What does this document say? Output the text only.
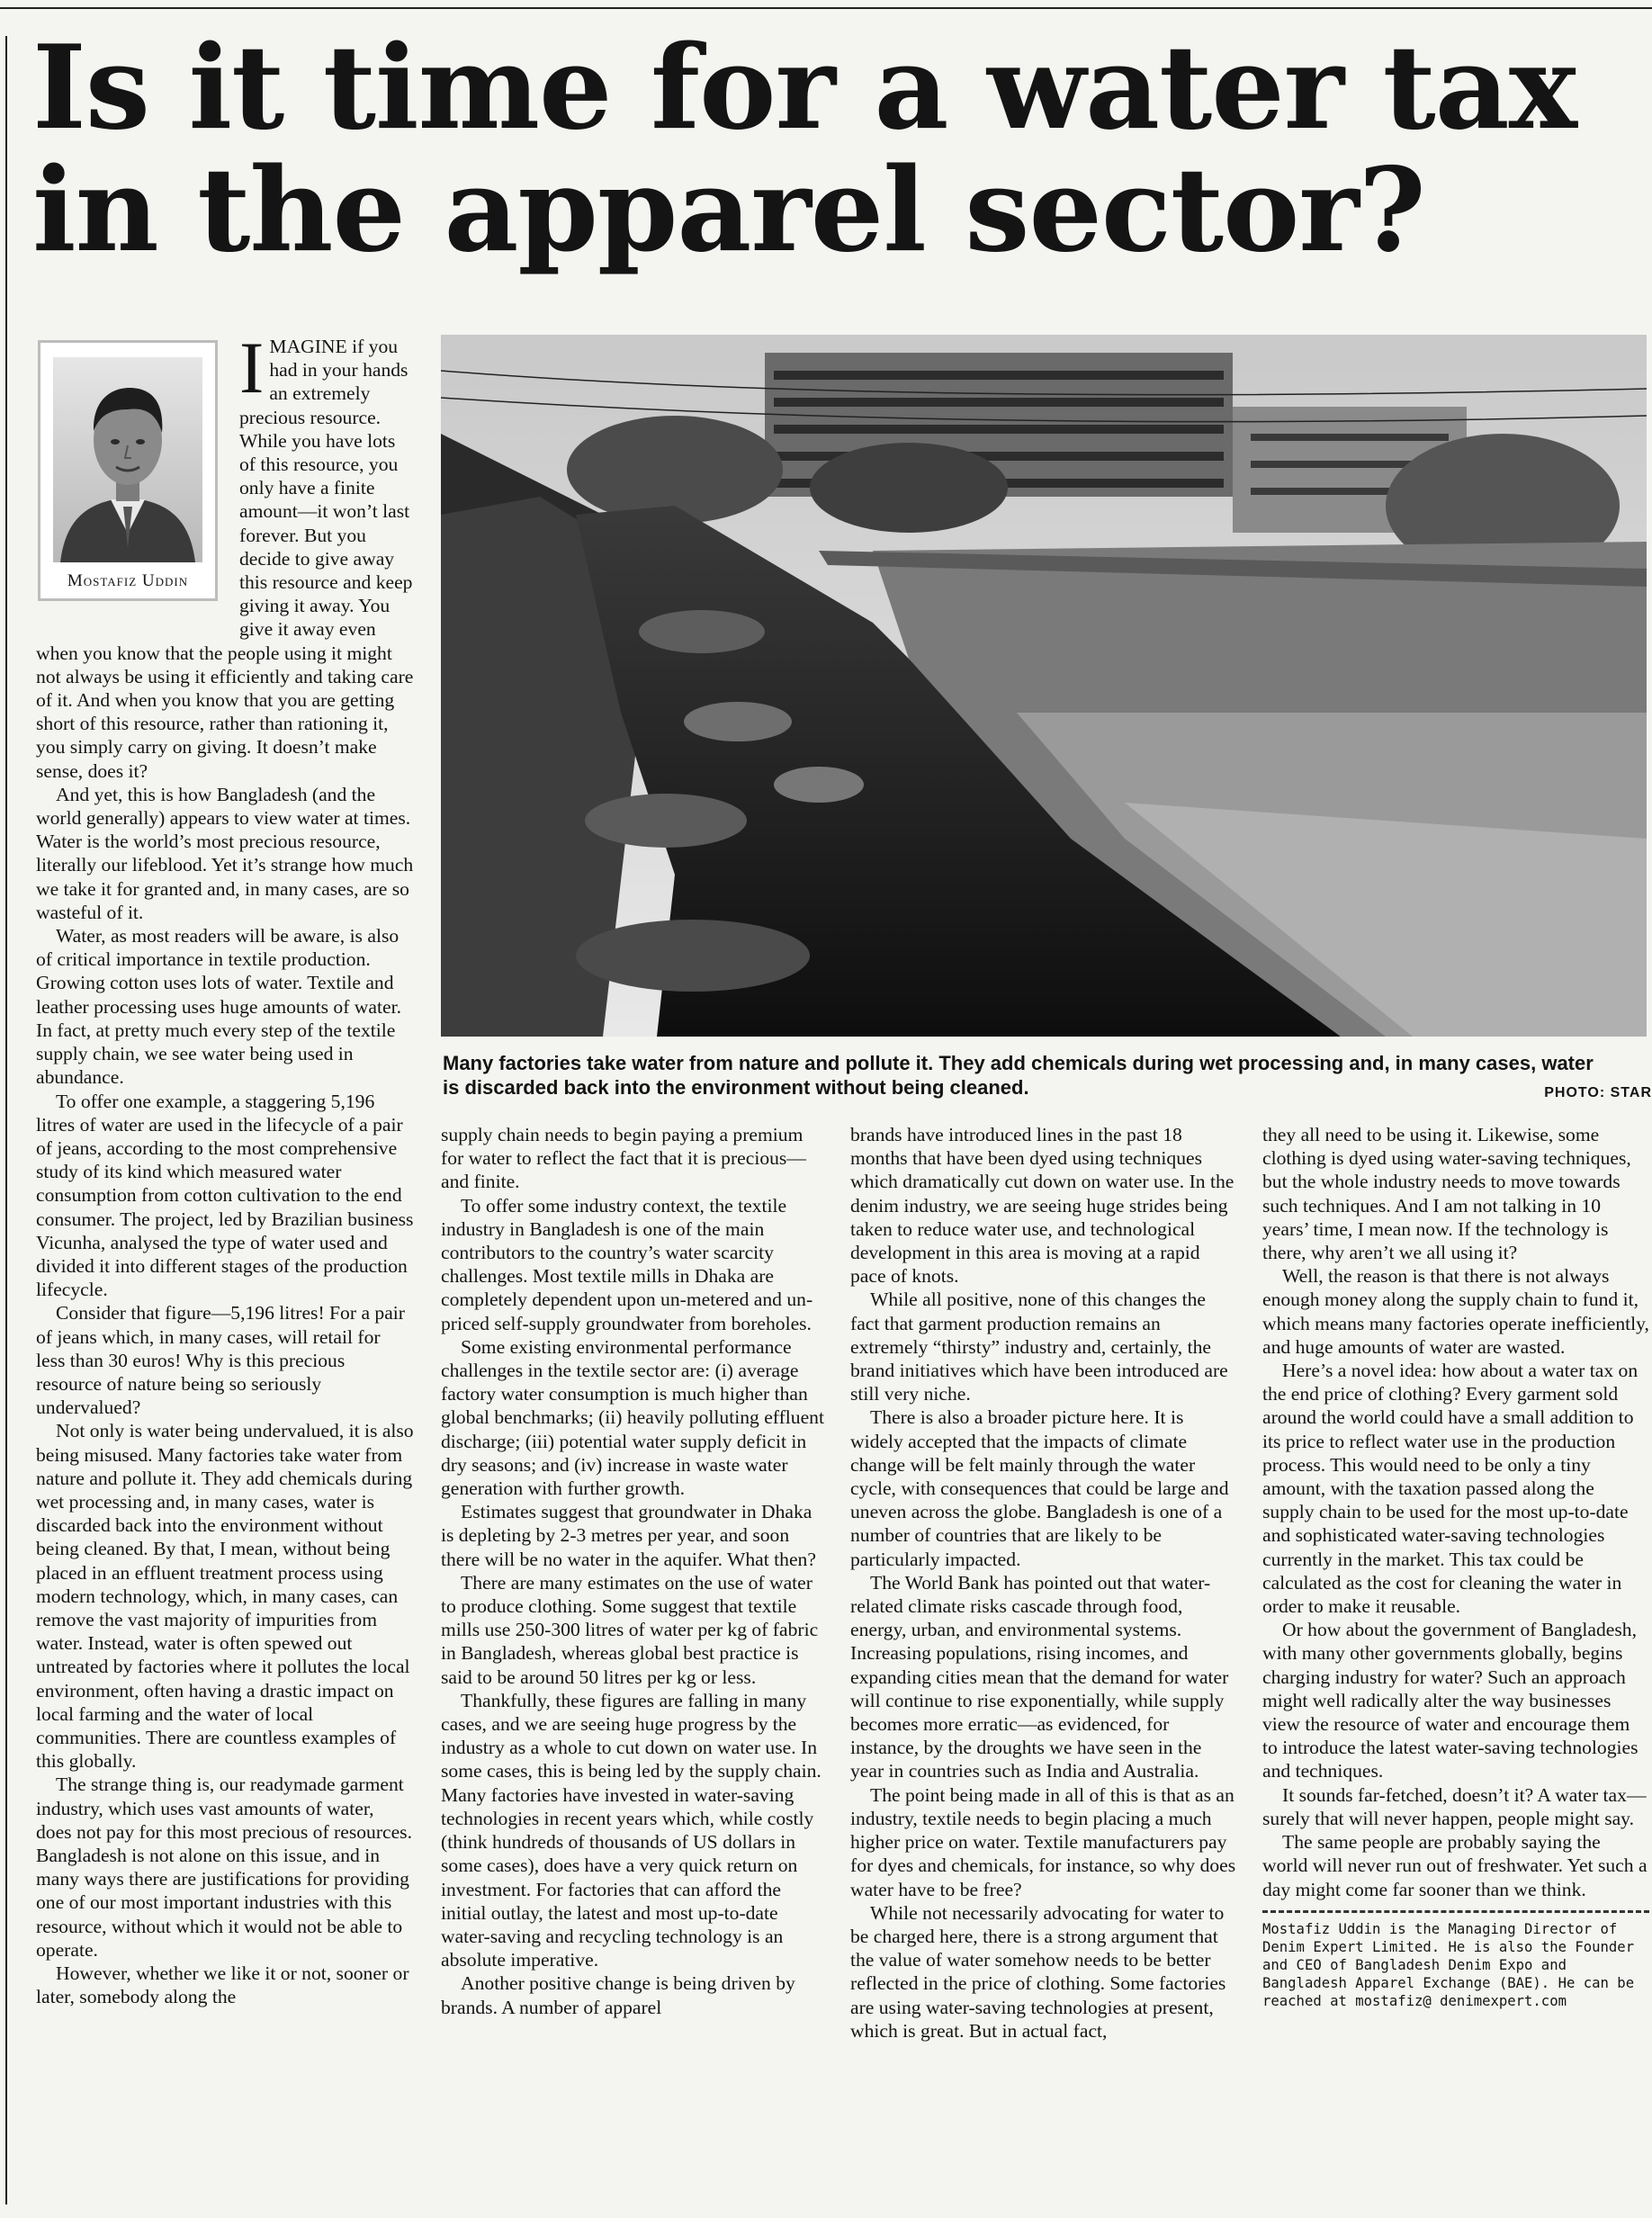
Is it time for a water tax in the apparel sector?

IMAGINE if you had in your hands an extremely precious resource. While you have lots of this resource, you only have a finite amount—it won’t last forever. But you decide to give away this resource and keep giving it away. You give it away even when you know that the people using it might not always be using it efficiently and taking care of it. And when you know that you are getting short of this resource, rather than rationing it, you simply carry on giving. It doesn’t make sense, does it?

And yet, this is how Bangladesh (and the world generally) appears to view water at times. Water is the world’s most precious resource, literally our lifeblood. Yet it’s strange how much we take it for granted and, in many cases, are so wasteful of it.

Water, as most readers will be aware, is also of critical importance in textile production. Growing cotton uses lots of water. Textile and leather processing uses huge amounts of water. In fact, at pretty much every step of the textile supply chain, we see water being used in abundance.

To offer one example, a staggering 5,196 litres of water are used in the lifecycle of a pair of jeans, according to the most comprehensive study of its kind which measured water consumption from cotton cultivation to the end consumer. The project, led by Brazilian business Vicunha, analysed the type of water used and divided it into different stages of the production lifecycle.

Consider that figure—5,196 litres! For a pair of jeans which, in many cases, will retail for less than 30 euros! Why is this precious resource of nature being so seriously undervalued?

Not only is water being undervalued, it is also being misused. Many factories take water from nature and pollute it. They add chemicals during wet processing and, in many cases, water is discarded back into the environment without being cleaned. By that, I mean, without being placed in an effluent treatment process using modern technology, which, in many cases, can remove the vast majority of impurities from water. Instead, water is often spewed out untreated by factories where it pollutes the local environment, often having a drastic impact on local farming and the water of local communities. There are countless examples of this globally.

The strange thing is, our readymade garment industry, which uses vast amounts of water, does not pay for this most precious of resources. Bangladesh is not alone on this issue, and in many ways there are justifications for providing one of our most important industries with this resource, without which it would not be able to operate.

However, whether we like it or not, sooner or later, somebody along the

Mostafiz Uddin
Many factories take water from nature and pollute it. They add chemicals during wet processing and, in many cases, water is discarded back into the environment without being cleaned.	PHOTO: STAR

supply chain needs to begin paying a premium for water to reflect the fact that it is precious—and finite.

To offer some industry context, the textile industry in Bangladesh is one of the main contributors to the country’s water scarcity challenges. Most textile mills in Dhaka are completely dependent upon un-metered and un-priced self-supply groundwater from boreholes.

Some existing environmental performance challenges in the textile sector are: (i) average factory water consumption is much higher than global benchmarks; (ii) heavily polluting effluent discharge; (iii) potential water supply deficit in dry seasons; and (iv) increase in waste water generation with further growth.

Estimates suggest that groundwater in Dhaka is depleting by 2-3 metres per year, and soon there will be no water in the aquifer. What then?

There are many estimates on the use of water to produce clothing. Some suggest that textile mills use 250-300 litres of water per kg of fabric in Bangladesh, whereas global best practice is said to be around 50 litres per kg or less.

Thankfully, these figures are falling in many cases, and we are seeing huge progress by the industry as a whole to cut down on water use. In some cases, this is being led by the supply chain. Many factories have invested in water-saving technologies in recent years which, while costly (think hundreds of thousands of US dollars in some cases), does have a very quick return on investment. For factories that can afford the initial outlay, the latest and most up-to-date water-saving and recycling technology is an absolute imperative.

Another positive change is being driven by brands. A number of apparel

brands have introduced lines in the past 18 months that have been dyed using techniques which dramatically cut down on water use. In the denim industry, we are seeing huge strides being taken to reduce water use, and technological development in this area is moving at a rapid pace of knots.

While all positive, none of this changes the fact that garment production remains an extremely “thirsty” industry and, certainly, the brand initiatives which have been introduced are still very niche.

There is also a broader picture here. It is widely accepted that the impacts of climate change will be felt mainly through the water cycle, with consequences that could be large and uneven across the globe. Bangladesh is one of a number of countries that are likely to be particularly impacted.

The World Bank has pointed out that water-related climate risks cascade through food, energy, urban, and environmental systems. Increasing populations, rising incomes, and expanding cities mean that the demand for water will continue to rise exponentially, while supply becomes more erratic—as evidenced, for instance, by the droughts we have seen in the year in countries such as India and Australia.

The point being made in all of this is that as an industry, textile needs to begin placing a much higher price on water. Textile manufacturers pay for dyes and chemicals, for instance, so why does water have to be free?

While not necessarily advocating for water to be charged here, there is a strong argument that the value of water somehow needs to be better reflected in the price of clothing. Some factories are using water-saving technologies at present, which is great. But in actual fact,

they all need to be using it. Likewise, some clothing is dyed using water-saving techniques, but the whole industry needs to move towards such techniques. And I am not talking in 10 years’ time, I mean now. If the technology is there, why aren’t we all using it?

Well, the reason is that there is not always enough money along the supply chain to fund it, which means many factories operate inefficiently, and huge amounts of water are wasted.

Here’s a novel idea: how about a water tax on the end price of clothing? Every garment sold around the world could have a small addition to its price to reflect water use in the production process. This would need to be only a tiny amount, with the taxation passed along the supply chain to be used for the most up-to-date and sophisticated water-saving technologies currently in the market. This tax could be calculated as the cost for cleaning the water in order to make it reusable.

Or how about the government of Bangladesh, with many other governments globally, begins charging industry for water? Such an approach might well radically alter the way businesses view the resource of water and encourage them to introduce the latest water-saving technologies and techniques.

It sounds far-fetched, doesn’t it? A water tax—surely that will never happen, people might say.

The same people are probably saying the world will never run out of freshwater. Yet such a day might come far sooner than we think.

Mostafiz Uddin is the Managing Director of Denim Expert Limited. He is also the Founder and CEO of Bangladesh Denim Expo and Bangladesh Apparel Exchange (BAE). He can be reached at mostafiz@ denimexpert.com
